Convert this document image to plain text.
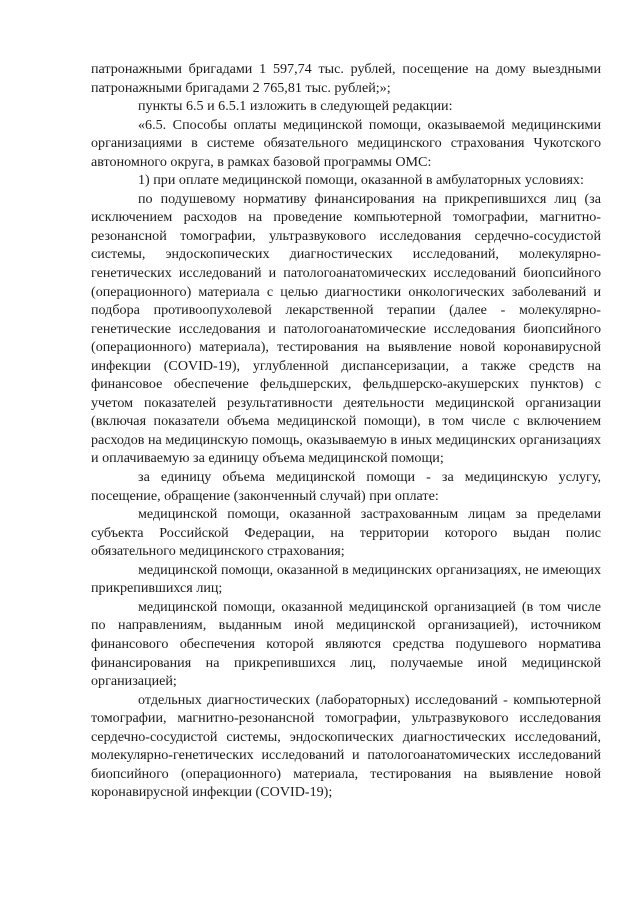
патронажными бригадами 1 597,74 тыс. рублей, посещение на дому выездными патронажными бригадами 2 765,81 тыс. рублей;»;

пункты 6.5 и 6.5.1 изложить в следующей редакции:

«6.5. Способы оплаты медицинской помощи, оказываемой медицинскими организациями в системе обязательного медицинского страхования Чукотского автономного округа, в рамках базовой программы ОМС:

1) при оплате медицинской помощи, оказанной в амбулаторных условиях:

по подушевому нормативу финансирования на прикрепившихся лиц (за исключением расходов на проведение компьютерной томографии, магнитно-резонансной томографии, ультразвукового исследования сердечно-сосудистой системы, эндоскопических диагностических исследований, молекулярно-генетических исследований и патологоанатомических исследований биопсийного (операционного) материала с целью диагностики онкологических заболеваний и подбора противоопухолевой лекарственной терапии (далее - молекулярно-генетические исследования и патологоанатомические исследования биопсийного (операционного) материала), тестирования на выявление новой коронавирусной инфекции (COVID-19), углубленной диспансеризации, а также средств на финансовое обеспечение фельдшерских, фельдшерско-акушерских пунктов) с учетом показателей результативности деятельности медицинской организации (включая показатели объема медицинской помощи), в том числе с включением расходов на медицинскую помощь, оказываемую в иных медицинских организациях и оплачиваемую за единицу объема медицинской помощи;

за единицу объема медицинской помощи - за медицинскую услугу, посещение, обращение (законченный случай) при оплате:

медицинской помощи, оказанной застрахованным лицам за пределами субъекта Российской Федерации, на территории которого выдан полис обязательного медицинского страхования;

медицинской помощи, оказанной в медицинских организациях, не имеющих прикрепившихся лиц;

медицинской помощи, оказанной медицинской организацией (в том числе по направлениям, выданным иной медицинской организацией), источником финансового обеспечения которой являются средства подушевого норматива финансирования на прикрепившихся лиц, получаемые иной медицинской организацией;

отдельных диагностических (лабораторных) исследований - компьютерной томографии, магнитно-резонансной томографии, ультразвукового исследования сердечно-сосудистой системы, эндоскопических диагностических исследований, молекулярно-генетических исследований и патологоанатомических исследований биопсийного (операционного) материала, тестирования на выявление новой коронавирусной инфекции (COVID-19);
